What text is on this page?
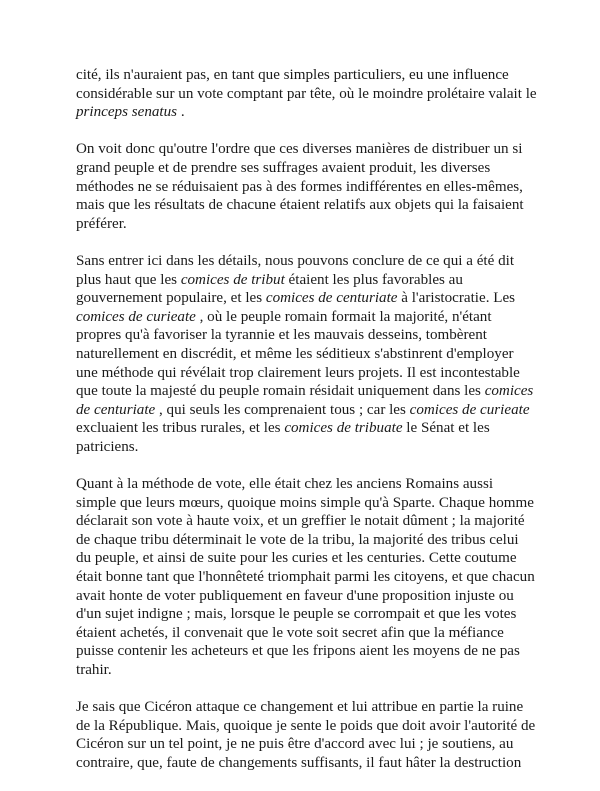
cité, ils n'auraient pas, en tant que simples particuliers, eu une influence
considérable sur un vote comptant par tête, où le moindre prolétaire valait le
princeps senatus .
On voit donc qu'outre l'ordre que ces diverses manières de distribuer un si
grand peuple et de prendre ses suffrages avaient produit, les diverses
méthodes ne se réduisaient pas à des formes indifférentes en elles-mêmes,
mais que les résultats de chacune étaient relatifs aux objets qui la faisaient
préférer.
Sans entrer ici dans les détails, nous pouvons conclure de ce qui a été dit
plus haut que les comices de tribut étaient les plus favorables au
gouvernement populaire, et les comices de centuriate à l'aristocratie. Les
comices de curieate , où le peuple romain formait la majorité, n'étant
propres qu'à favoriser la tyrannie et les mauvais desseins, tombèrent
naturellement en discrédit, et même les séditieux s'abstinrent d'employer
une méthode qui révélait trop clairement leurs projets. Il est incontestable
que toute la majesté du peuple romain résidait uniquement dans les comices
de centuriate , qui seuls les comprenaient tous ; car les comices de curieate
excluaient les tribus rurales, et les comices de tribuate le Sénat et les
patriciens.
Quant à la méthode de vote, elle était chez les anciens Romains aussi
simple que leurs mœurs, quoique moins simple qu'à Sparte. Chaque homme
déclarait son vote à haute voix, et un greffier le notait dûment ; la majorité
de chaque tribu déterminait le vote de la tribu, la majorité des tribus celui
du peuple, et ainsi de suite pour les curies et les centuries. Cette coutume
était bonne tant que l'honnêteté triomphait parmi les citoyens, et que chacun
avait honte de voter publiquement en faveur d'une proposition injuste ou
d'un sujet indigne ; mais, lorsque le peuple se corrompait et que les votes
étaient achetés, il convenait que le vote soit secret afin que la méfiance
puisse contenir les acheteurs et que les fripons aient les moyens de ne pas
trahir.
Je sais que Cicéron attaque ce changement et lui attribue en partie la ruine
de la République. Mais, quoique je sente le poids que doit avoir l'autorité de
Cicéron sur un tel point, je ne puis être d'accord avec lui ; je soutiens, au
contraire, que, faute de changements suffisants, il faut hâter la destruction
